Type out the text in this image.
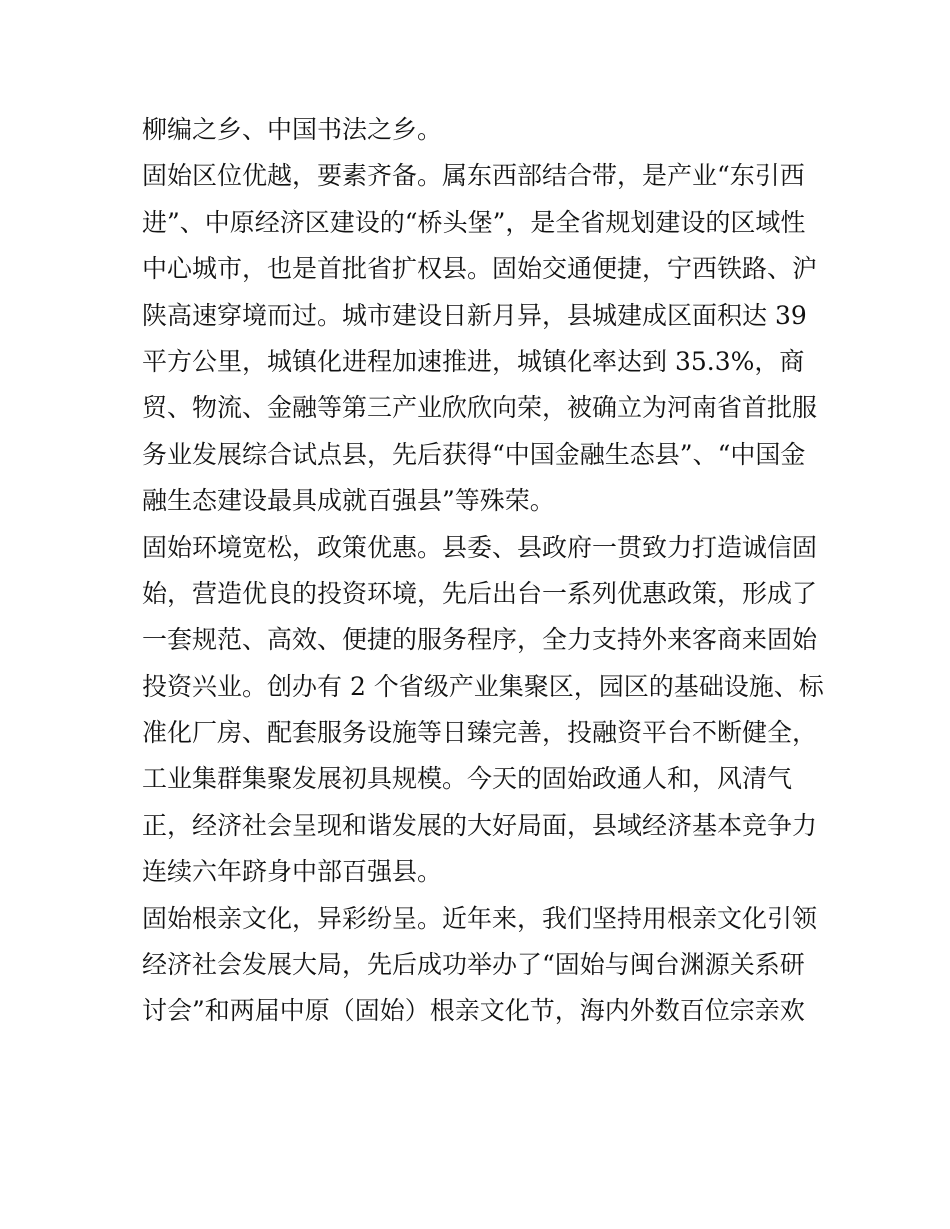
柳编之乡、中国书法之乡。
固始区位优越，要素齐备。属东西部结合带，是产业“东引西
进”、中原经济区建设的“桥头堡”，是全省规划建设的区域性
中心城市，也是首批省扩权县。固始交通便捷，宁西铁路、沪
陕高速穿境而过。城市建设日新月异，县城建成区面积达 39
平方公里，城镇化进程加速推进，城镇化率达到 35.3%，商
贸、物流、金融等第三产业欣欣向荣，被确立为河南省首批服
务业发展综合试点县，先后获得“中国金融生态县”、“中国金
融生态建设最具成就百强县”等殊荣。
固始环境宽松，政策优惠。县委、县政府一贯致力打造诚信固
始，营造优良的投资环境，先后出台一系列优惠政策，形成了
一套规范、高效、便捷的服务程序，全力支持外来客商来固始
投资兴业。创办有 2 个省级产业集聚区，园区的基础设施、标
准化厂房、配套服务设施等日臻完善，投融资平台不断健全，
工业集群集聚发展初具规模。今天的固始政通人和，风清气
正，经济社会呈现和谐发展的大好局面，县域经济基本竞争力
连续六年跻身中部百强县。
固始根亲文化，异彩纷呈。近年来，我们坚持用根亲文化引领
经济社会发展大局，先后成功举办了“固始与闽台渊源关系研
讨会”和两届中原（固始）根亲文化节，海内外数百位宗亲欢
